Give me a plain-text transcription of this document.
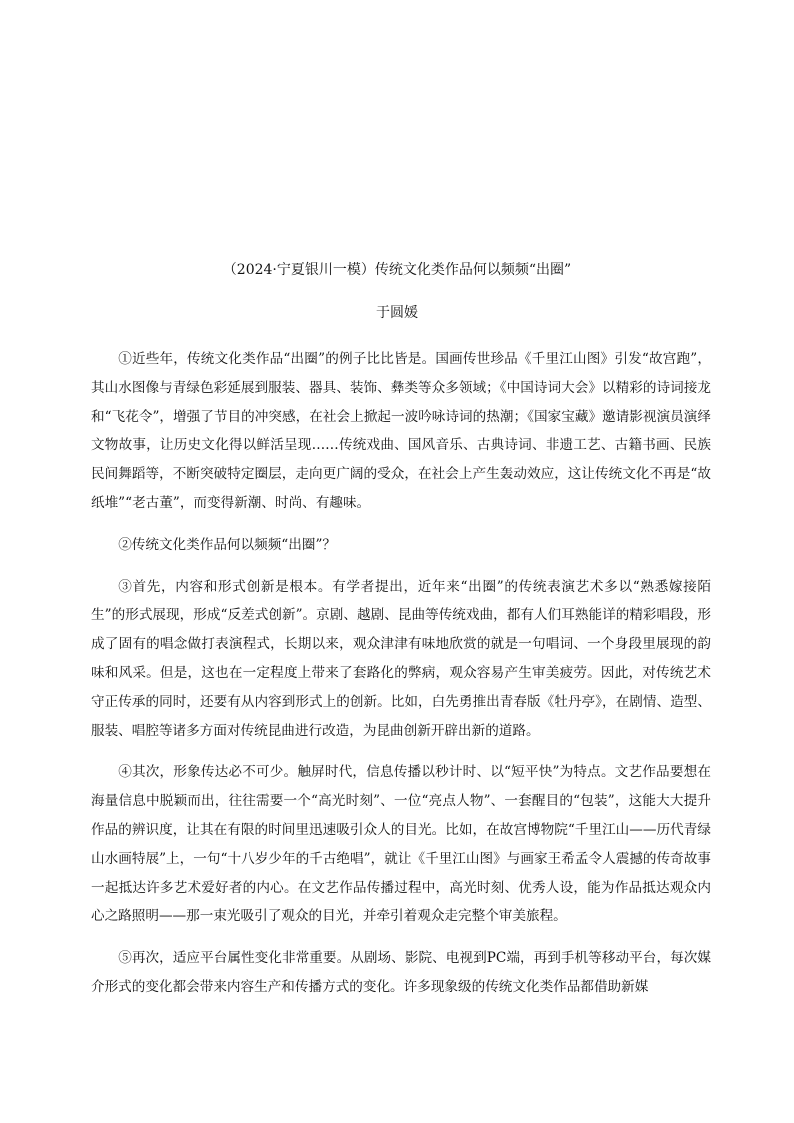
（2024·宁夏银川一模）传统文化类作品何以频频“出圈”
于圆媛

①近些年，传统文化类作品“出圈”的例子比比皆是。国画传世珍品《千里江山图》引发“故宫跑”，其山水图像与青绿色彩延展到服装、器具、装饰、彝类等众多领域；《中国诗词大会》以精彩的诗词接龙和“飞花令”，增强了节目的冲突感，在社会上掀起一波吟咏诗词的热潮；《国家宝藏》邀请影视演员演绎文物故事，让历史文化得以鲜活呈现……传统戏曲、国风音乐、古典诗词、非遗工艺、古籍书画、民族民间舞蹈等，不断突破特定圈层，走向更广阔的受众，在社会上产生轰动效应，这让传统文化不再是“故纸堆”“老古董”，而变得新潮、时尚、有趣味。

②传统文化类作品何以频频“出圈”？

③首先，内容和形式创新是根本。有学者提出，近年来“出圈”的传统表演艺术多以“熟悉嫁接陌生”的形式展现，形成“反差式创新”。京剧、越剧、昆曲等传统戏曲，都有人们耳熟能详的精彩唱段，形成了固有的唱念做打表演程式，长期以来，观众津津有味地欣赏的就是一句唱词、一个身段里展现的韵味和风采。但是，这也在一定程度上带来了套路化的弊病，观众容易产生审美疲劳。因此，对传统艺术守正传承的同时，还要有从内容到形式上的创新。比如，白先勇推出青春版《牡丹亭》，在剧情、造型、服装、唱腔等诸多方面对传统昆曲进行改造，为昆曲创新开辟出新的道路。

④其次，形象传达必不可少。触屏时代，信息传播以秒计时、以“短平快”为特点。文艺作品要想在海量信息中脱颖而出，往往需要一个“高光时刻”、一位“亮点人物”、一套醒目的“包装”，这能大大提升作品的辨识度，让其在有限的时间里迅速吸引众人的目光。比如，在故宫博物院“千里江山——历代青绿山水画特展”上，一句“十八岁少年的千古绝唱”，就让《千里江山图》与画家王希孟令人震撼的传奇故事一起抵达许多艺术爱好者的内心。在文艺作品传播过程中，高光时刻、优秀人设，能为作品抵达观众内心之路照明——那一束光吸引了观众的目光，并牵引着观众走完整个审美旅程。

⑤再次，适应平台属性变化非常重要。从剧场、影院、电视到PC端，再到手机等移动平台，每次媒介形式的变化都会带来内容生产和传播方式的变化。许多现象级的传统文化类作品都借助新媒
